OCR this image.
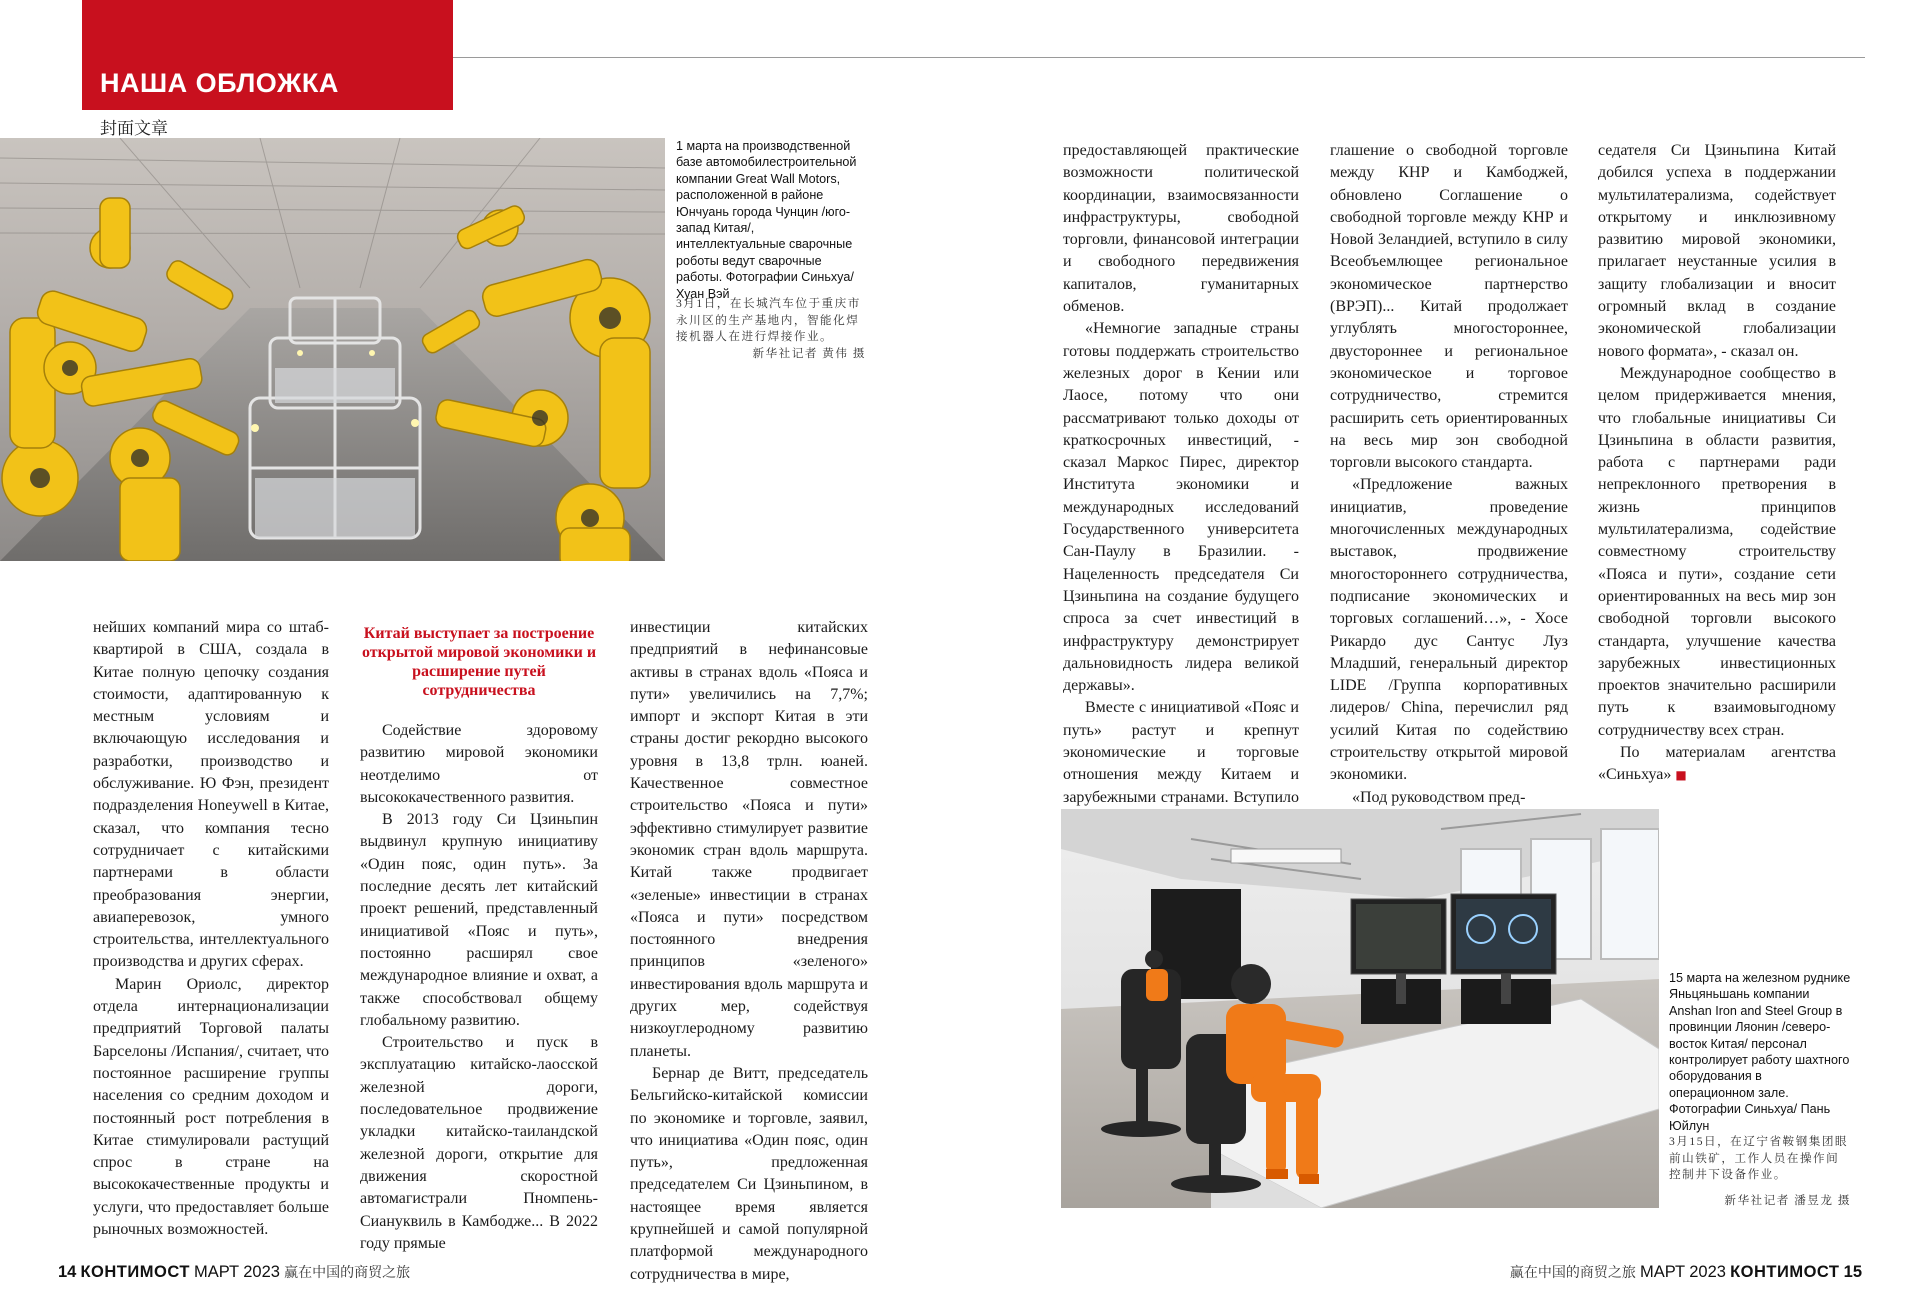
НАША ОБЛОЖКА
封面文章
1 марта на производственной базе автомобилестроительной компании Great Wall Motors, расположенной в районе Юнчуань города Чунцин /юго-запад Китая/, интеллектуальные сварочные роботы ведут сварочные работы. Фотографии Синьхуа/ Хуан Вэй
3月1日，在长城汽车位于重庆市永川区的生产基地内，智能化焊接机器人在进行焊接作业。
新华社记者 黄伟 摄

нейших компаний мира со штаб-квартирой в США, создала в Китае полную цепочку создания стоимости, адаптированную к местным условиям и включающую исследования и разработки, производство и обслуживание. Ю Фэн, президент подразделения Honeywell в Китае, сказал, что компания тесно сотрудничает с китайскими партнерами в области преобразования энергии, авиаперевозок, умного строительства, интеллектуального производства и других сферах.

Марин Ориолс, директор отдела интернационализации предприятий Торговой палаты Барселоны /Испания/, считает, что постоянное расширение группы населения со средним доходом и постоянный рост потребления в Китае стимулировали растущий спрос в стране на высококачественные продукты и услуги, что предоставляет больше рыночных возможностей.

Китай выступает за построение открытой мировой экономики и расширение путей сотрудничества

Содействие здоровому развитию мировой экономики неотделимо от высококачественного развития.

В 2013 году Си Цзиньпин выдвинул крупную инициативу «Один пояс, один путь». За последние десять лет китайский проект решений, представленный инициативой «Пояс и путь», постоянно расширял свое международное влияние и охват, а также способствовал общему глобальному развитию.

Строительство и пуск в эксплуатацию китайско-лаосской железной дороги, последовательное продвижение укладки китайско-таиландской железной дороги, открытие для движения скоростной автомагистрали Пномпень-Сиануквиль в Камбодже... В 2022 году прямые

инвестиции китайских предприятий в нефинансовые активы в странах вдоль «Пояса и пути» увеличились на 7,7%; импорт и экспорт Китая в эти страны достиг рекордно высокого уровня в 13,8 трлн. юаней. Качественное совместное строительство «Пояса и пути» эффективно стимулирует развитие экономик стран вдоль маршрута. Китай также продвигает «зеленые» инвестиции в странах «Пояса и пути» посредством постоянного внедрения принципов «зеленого» инвестирования вдоль маршрута и других мер, содействуя низкоуглеродному развитию планеты.

Бернар де Витт, председатель Бельгийско-китайской комиссии по экономике и торговле, заявил, что инициатива «Один пояс, один путь», предложенная председателем Си Цзиньпином, в настоящее время является крупнейшей и самой популярной платформой международного сотрудничества в мире,

предоставляющей практические возможности политической координации, взаимосвязанности инфраструктуры, свободной торговли, финансовой интеграции и свободного передвижения капиталов, гуманитарных обменов.

«Немногие западные страны готовы поддержать строительство железных дорог в Кении или Лаосе, потому что они рассматривают только доходы от краткосрочных инвестиций, - сказал Маркос Пирес, директор Института экономики и международных исследований Государственного университета Сан-Паулу в Бразилии. - Нацеленность председателя Си Цзиньпина на создание будущего спроса за счет инвестиций в инфраструктуру демонстрирует дальновидность лидера великой державы».

Вместе с инициативой «Пояс и путь» растут и крепнут экономические и торговые отношения между Китаем и зарубежными странами. Вступило

глашение о свободной торговле между КНР и Камбоджей, обновлено Соглашение о свободной торговле между КНР и Новой Зеландией, вступило в силу Всеобъемлющее региональное экономическое партнерство (ВРЭП)... Китай продолжает углублять многостороннее, двустороннее и региональное экономическое и торговое сотрудничество, стремится расширить сеть ориентированных на весь мир зон свободной торговли высокого стандарта.

«Предложение важных инициатив, проведение многочисленных международных выставок, продвижение многостороннего сотрудничества, подписание экономических и торговых соглашений…», - Хосе Рикардо дус Сантус Луз Младший, генеральный директор LIDE /Группа корпоративных лидеров/ China, перечислил ряд усилий Китая по содействию строительству открытой мировой экономики.

«Под руководством пред-

седателя Си Цзиньпина Китай добился успеха в поддержании мультилатерализма, содействует открытому и инклюзивному развитию мировой экономики, прилагает неустанные усилия в защиту глобализации и вносит огромный вклад в создание экономической глобализации нового формата», - сказал он.

Международное сообщество в целом придерживается мнения, что глобальные инициативы Си Цзиньпина в области развития, работа с партнерами ради непреклонного претворения в жизнь принципов мультилатерализма, содействие совместному строительству «Пояса и пути», создание сети ориентированных на весь мир зон свободной торговли высокого стандарта, улучшение качества зарубежных инвестиционных проектов значительно расширили путь к взаимовыгодному сотрудничеству всех стран.

По материалам агентства «Синьхуа» ■

15 марта на железном руднике Яньцяньшань компании Anshan Iron and Steel Group в провинции Ляонин /северо-восток Китая/ персонал контролирует работу шахтного оборудования в операционном зале. Фотографии Синьхуа/ Пань Юйлун
3月15日，在辽宁省鞍钢集团眼前山铁矿，工作人员在操作间控制井下设备作业。
新华社记者 潘昱龙 摄
14 КОНТИМОСТ МАРТ 2023 赢在中国的商贸之旅	赢在中国的商贸之旅 МАРТ 2023 КОНТИМОСТ 15
